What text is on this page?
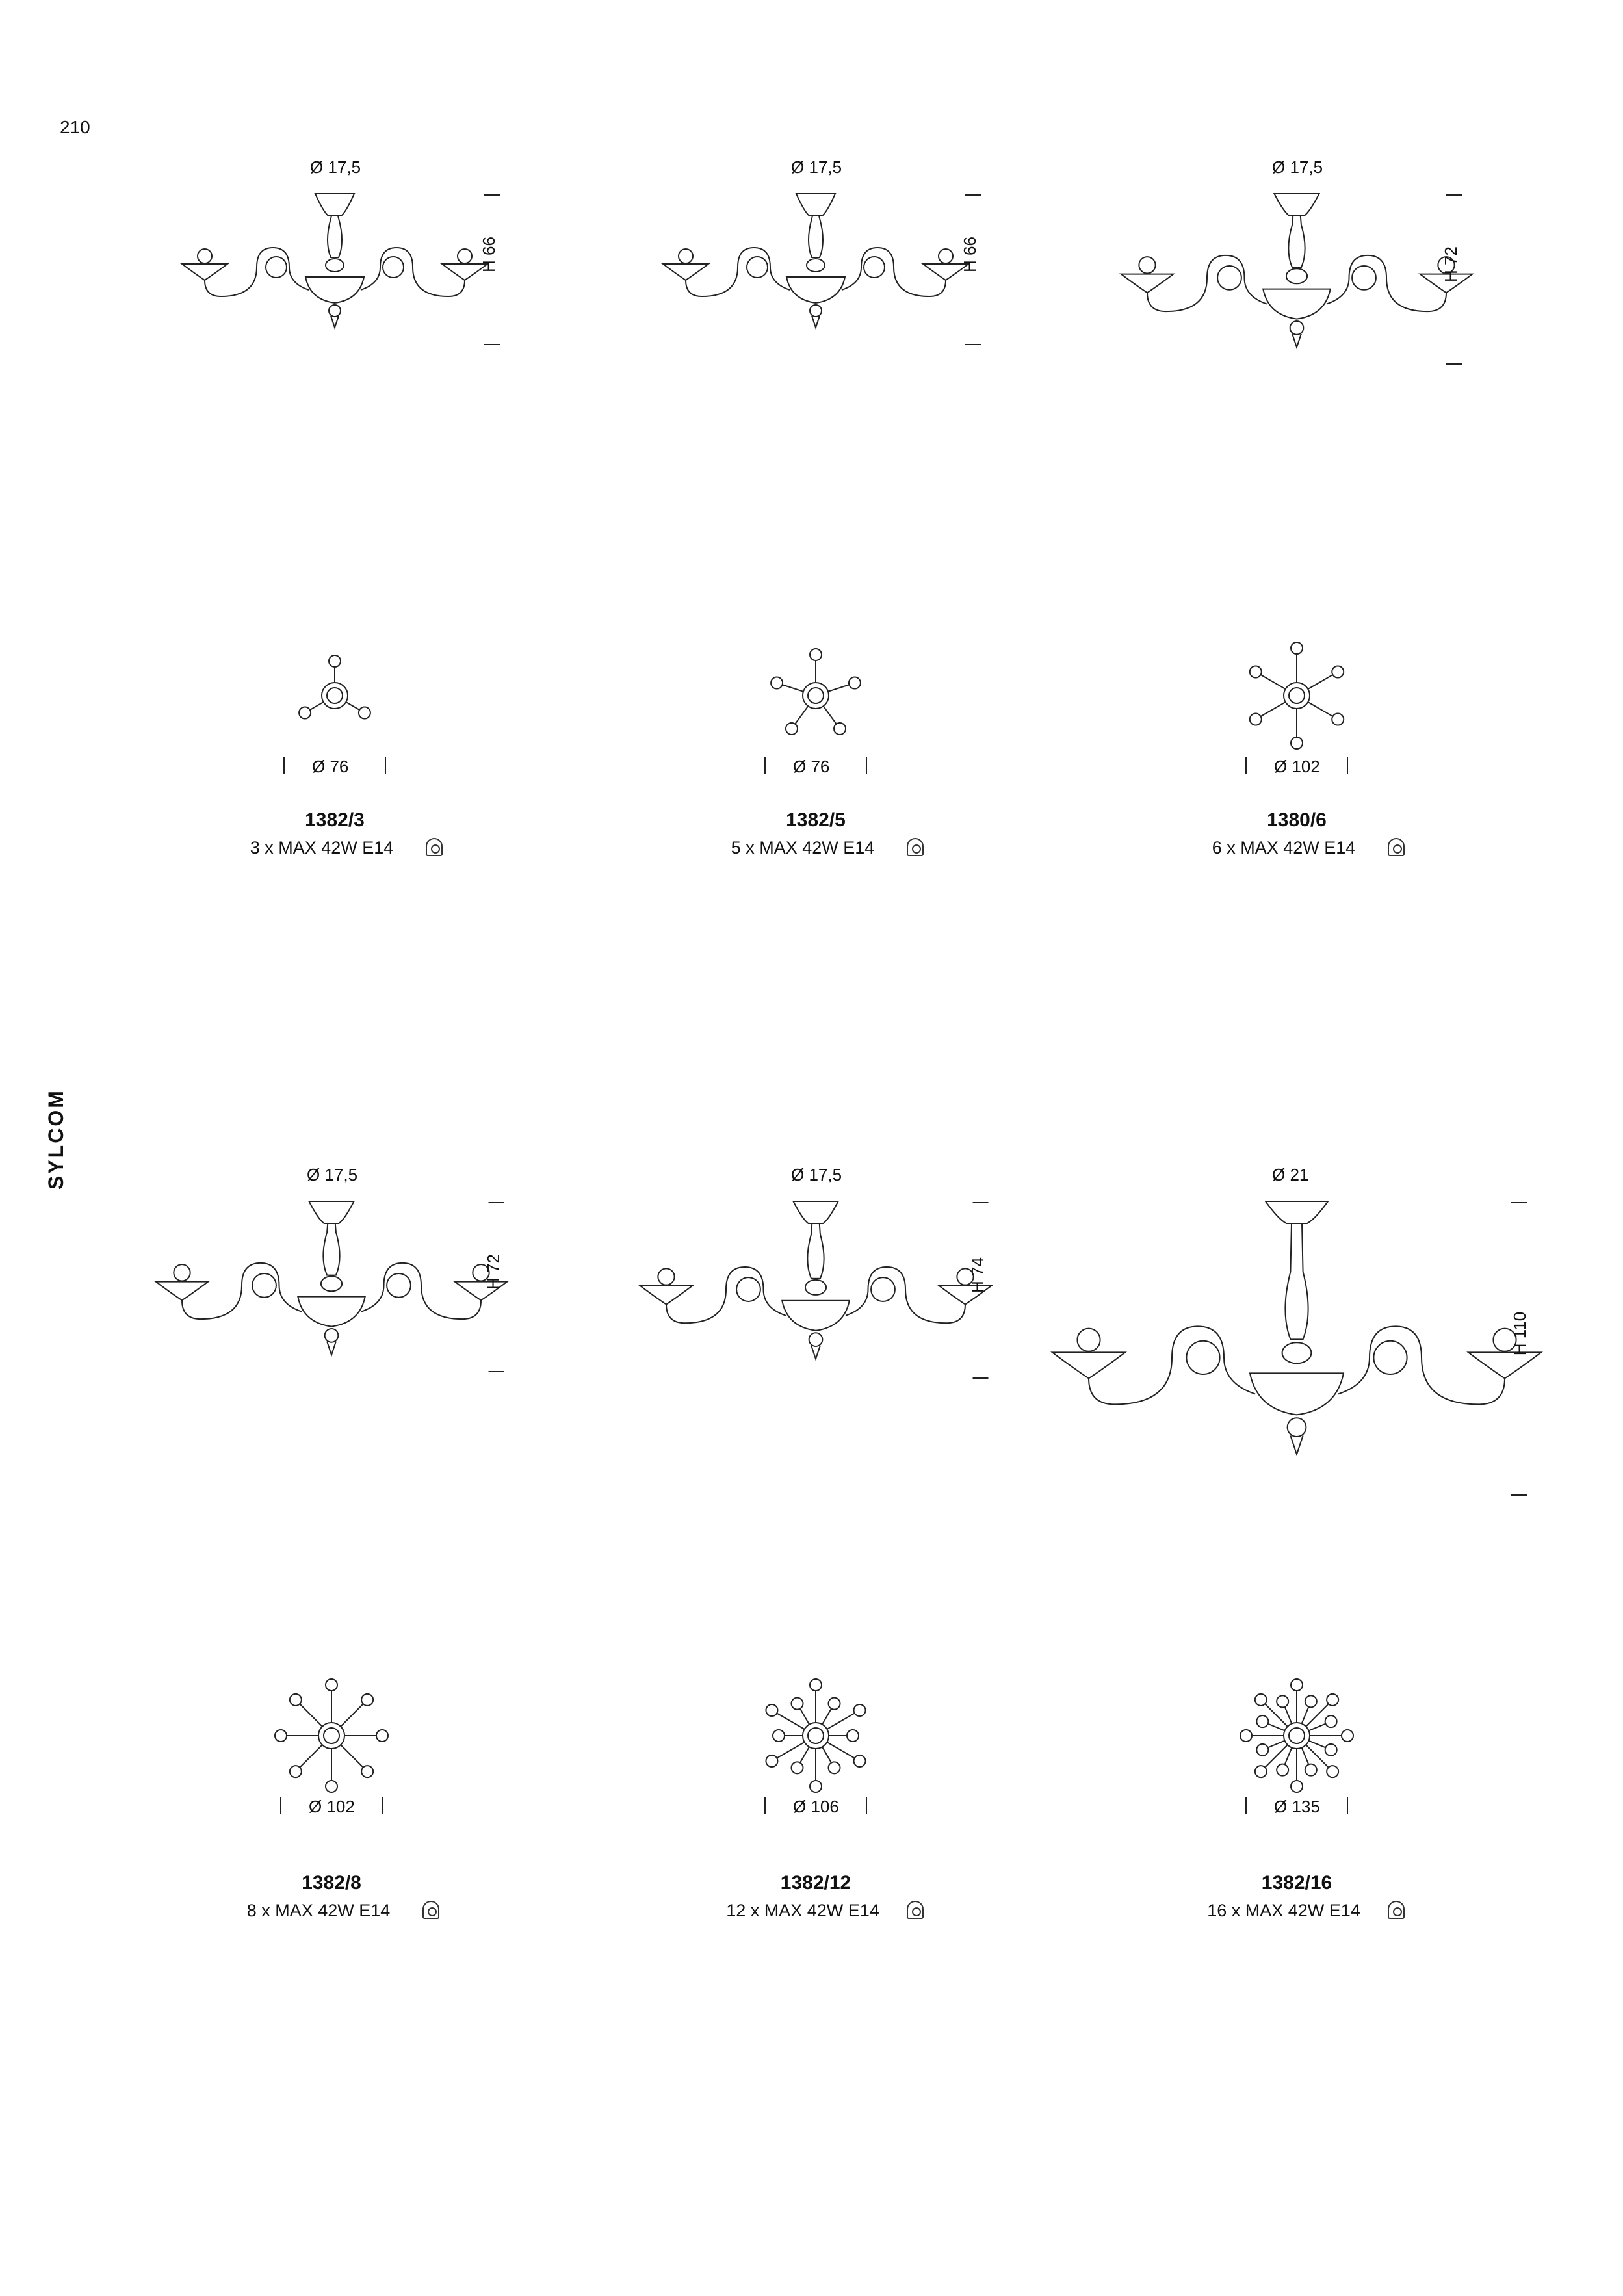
210
SYLCOM
Ø 17,5
H 66
Ø 76
1382/3
3 x MAX 42W E14
Ø 17,5
H 66
Ø 76
1382/5
5 x MAX 42W E14
Ø 17,5
H 72
Ø 102
1380/6
6 x MAX 42W E14
Ø 17,5
H 72
Ø 102
1382/8
8 x MAX 42W E14
Ø 17,5
H 74
Ø 106
1382/12
12 x MAX 42W E14
Ø 21
H 110
Ø 135
1382/16
16 x MAX 42W E14
